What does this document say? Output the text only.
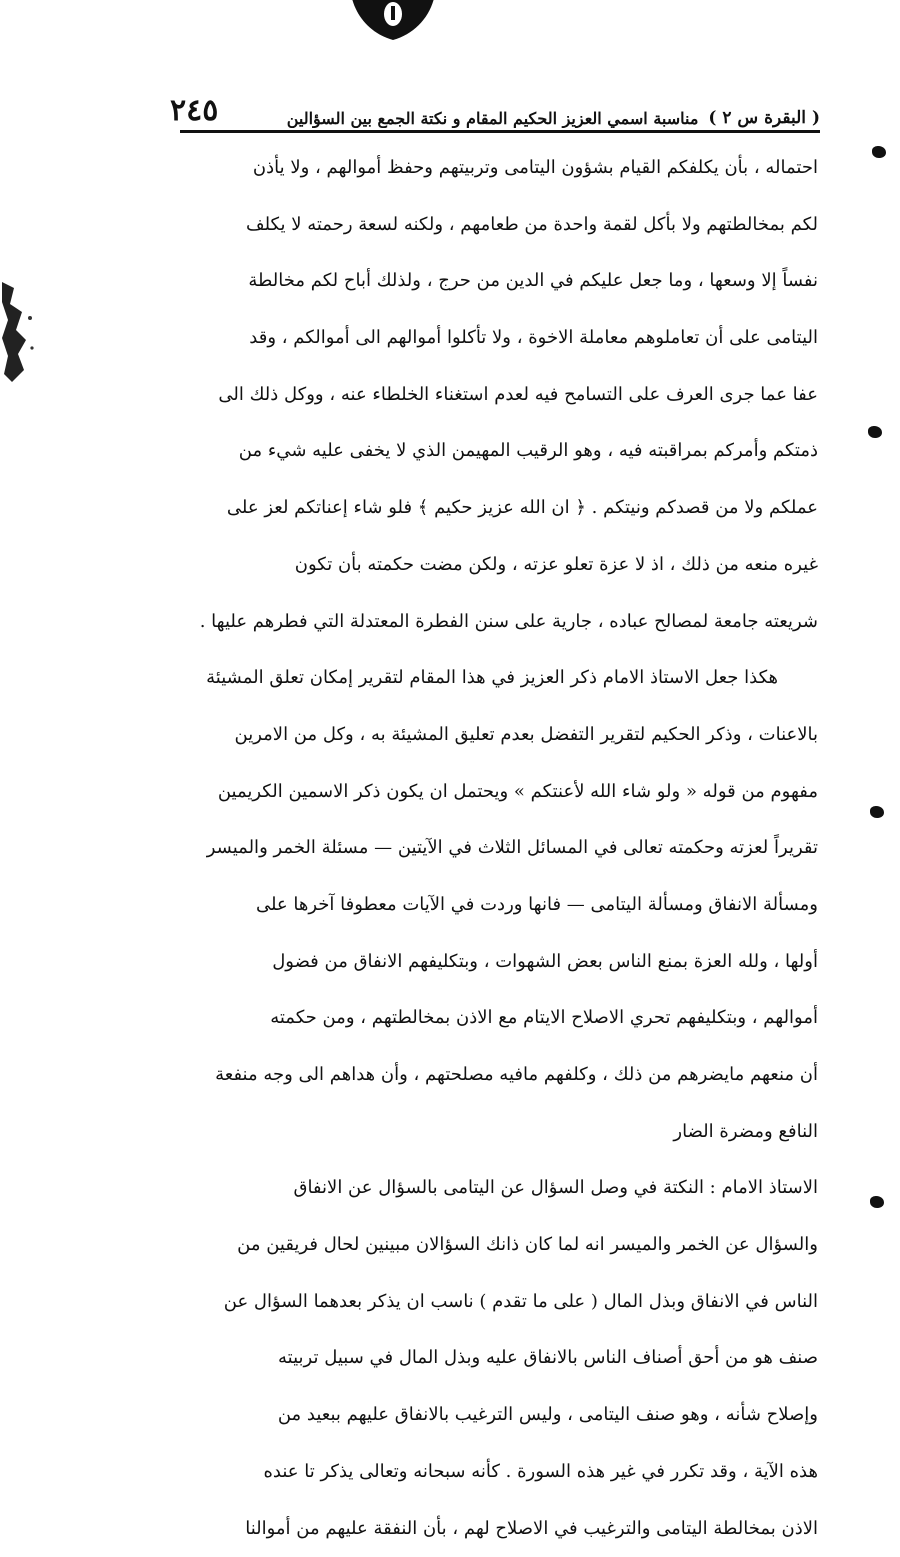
( البقرة س ٢ )
مناسبة اسمي العزيز الحكيم المقام و نكتة الجمع بين السؤالين
٢٤٥
احتماله ، بأن يكلفكم القيام بشؤون اليتامى وتربيتهم وحفظ أموالهم ، ولا يأذن
لكم بمخالطتهم ولا بأكل لقمة واحدة من طعامهم ، ولكنه لسعة رحمته لا يكلف
نفساً إلا وسعها ، وما جعل عليكم في الدين من حرج ، ولذلك أباح لكم مخالطة
اليتامى على أن تعاملوهم معاملة الاخوة ، ولا تأكلوا أموالهم الى أموالكم ، وقد
عفا عما جرى العرف على التسامح فيه لعدم استغناء الخلطاء عنه ، ووكل ذلك الى
ذمتكم وأمركم بمراقبته فيه ، وهو الرقيب المهيمن الذي لا يخفى عليه شيء من
عملكم ولا من قصدكم ونيتكم . ﴿ ان الله عزيز حكيم ﴾ فلو شاء إعناتكم لعز على
غيره منعه من ذلك ، اذ لا عزة تعلو عزته ، ولكن مضت حكمته بأن تكون
شريعته جامعة لمصالح عباده ، جارية على سنن الفطرة المعتدلة التي فطرهم عليها .
هكذا جعل الاستاذ الامام ذكر العزيز في هذا المقام لتقرير إمكان تعلق المشيئة
بالاعنات ، وذكر الحكيم لتقرير التفضل بعدم تعليق المشيئة به ، وكل من الامرين
مفهوم من قوله « ولو شاء الله لأعنتكم » ويحتمل ان يكون ذكر الاسمين الكريمين
تقريراً لعزته وحكمته تعالى في المسائل الثلاث في الآيتين — مسئلة الخمر والميسر
ومسألة الانفاق ومسألة اليتامى — فانها وردت في الآيات معطوفا آخرها على
أولها ، ولله العزة بمنع الناس بعض الشهوات ، وبتكليفهم الانفاق من فضول
أموالهم ، وبتكليفهم تحري الاصلاح الايتام مع الاذن بمخالطتهم ، ومن حكمته
أن منعهم مايضرهم من ذلك ، وكلفهم مافيه مصلحتهم ، وأن هداهم الى وجه منفعة
النافع ومضرة الضار
الاستاذ الامام : النكتة في وصل السؤال عن اليتامى بالسؤال عن الانفاق
والسؤال عن الخمر والميسر انه لما كان ذانك السؤالان مبينين لحال فريقين من
الناس في الانفاق وبذل المال ( على ما تقدم ) ناسب ان يذكر بعدهما السؤال عن
صنف هو من أحق أصناف الناس بالانفاق عليه وبذل المال في سبيل تربيته
وإصلاح شأنه ، وهو صنف اليتامى ، وليس الترغيب بالانفاق عليهم ببعيد من
هذه الآية ، وقد تكرر في غير هذه السورة . كأنه سبحانه وتعالى يذكر تا عنده
الاذن بمخالطة اليتامى والترغيب في الاصلاح لهم ، بأن النفقة عليهم من أموالنا
